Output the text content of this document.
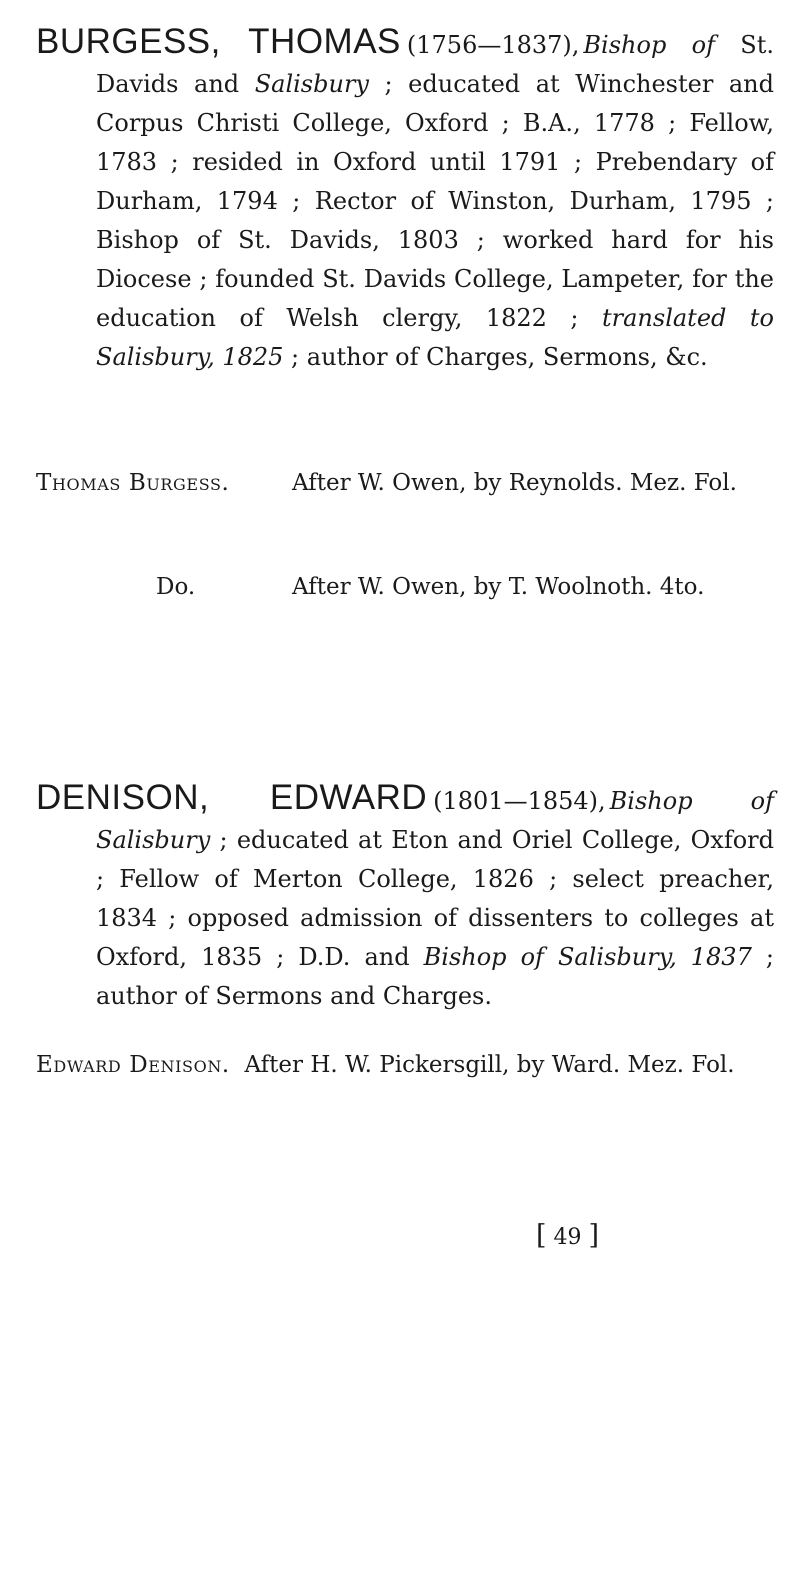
BURGESS, THOMAS (1756—1837), Bishop of St. Davids and Salisbury ; educated at Winchester and Corpus Christi College, Oxford ; B.A., 1778 ; Fellow, 1783 ; resided in Oxford until 1791 ; Prebendary of Durham, 1794 ; Rector of Winston, Durham, 1795 ; Bishop of St. Davids, 1803 ; worked hard for his Diocese ; founded St. Davids College, Lampeter, for the education of Welsh clergy, 1822 ; translated to Salisbury, 1825 ; author of Charges, Sermons, &c.

Thomas Burgess.	After W. Owen, by Reynolds. Mez. Fol.

Do.	After W. Owen, by T. Woolnoth. 4to.

DENISON, EDWARD (1801—1854), Bishop of Salisbury ; educated at Eton and Oriel College, Oxford ; Fellow of Merton College, 1826 ; select preacher, 1834 ; opposed admission of dissenters to colleges at Oxford, 1835 ; D.D. and Bishop of Salisbury, 1837 ; author of Sermons and Charges.

Edward Denison. After H. W. Pickersgill, by Ward. Mez. Fol.

[ 49 ]
